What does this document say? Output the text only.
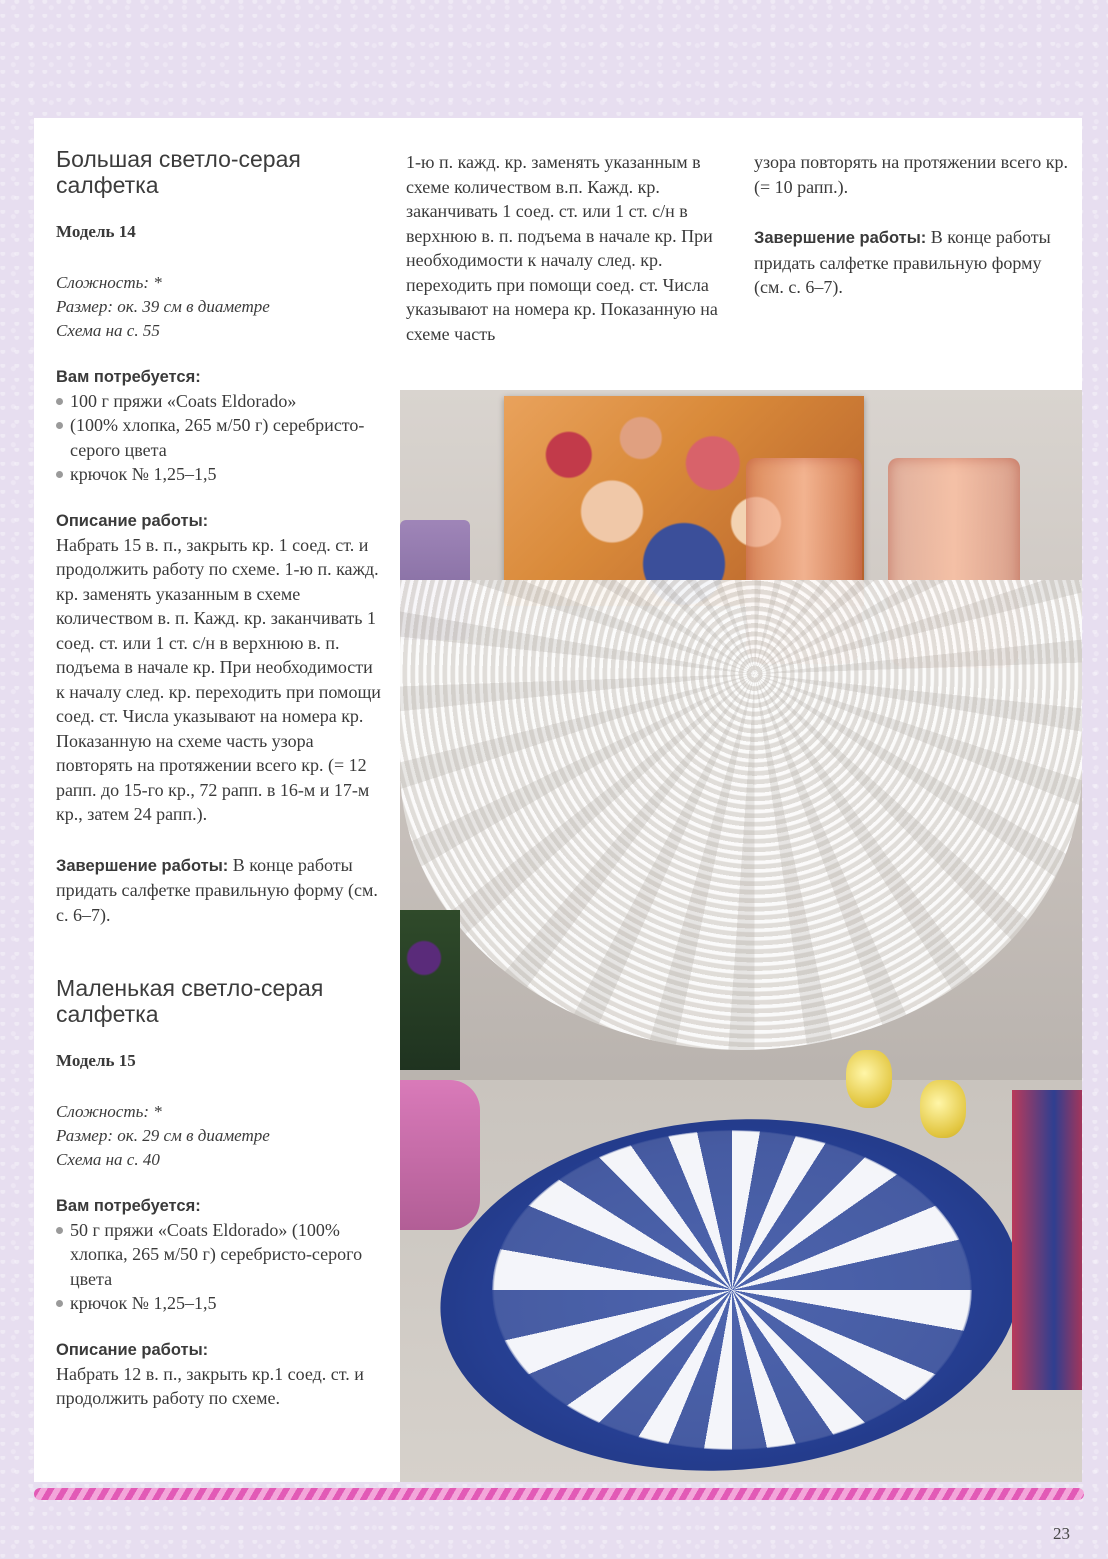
Большая светло-серая салфетка
Модель 14
Сложность: *
Размер: ок. 39 см в диаметре
Схема на с. 55
Вам потребуется:
100 г пряжи «Coats Eldorado»
(100% хлопка, 265 м/50 г) серебристо-серого цвета
крючок № 1,25–1,5
Описание работы:

Набрать 15 в. п., закрыть кр. 1 соед. ст. и продолжить работу по схеме. 1-ю п. кажд. кр. заменять указанным в схеме количеством в. п. Кажд. кр. заканчивать 1 соед. ст. или 1 ст. с/н в верхнюю в. п. подъема в начале кр. При необходимости к началу след. кр. переходить при помощи соед. ст. Числа указывают на номера кр. Показанную на схеме часть узора повторять на протяжении всего кр. (= 12 рапп. до 15-го кр., 72 рапп. в 16-м и 17-м кр., затем 24 рапп.).

Завершение работы: В конце работы придать салфетке правильную форму (см. с. 6–7).

Маленькая светло-серая салфетка
Модель 15
Сложность: *
Размер: ок. 29 см в диаметре
Схема на с. 40
Вам потребуется:
50 г пряжи «Coats Eldorado» (100% хлопка, 265 м/50 г) серебристо-серого цвета
крючок № 1,25–1,5
Описание работы:

Набрать 12 в. п., закрыть кр.1 соед. ст. и продолжить работу по схеме.

1-ю п. кажд. кр. заменять указанным в схеме количеством в.п. Кажд. кр. заканчивать 1 соед. ст. или 1 ст. с/н в верхнюю в. п. подъема в начале кр. При необходимости к началу след. кр. переходить при помощи соед. ст. Числа указывают на номера кр. Показанную на схеме часть

узора повторять на протяжении всего кр. (= 10 рапп.).

Завершение работы: В конце работы придать салфетке правильную форму (см. с. 6–7).

23
